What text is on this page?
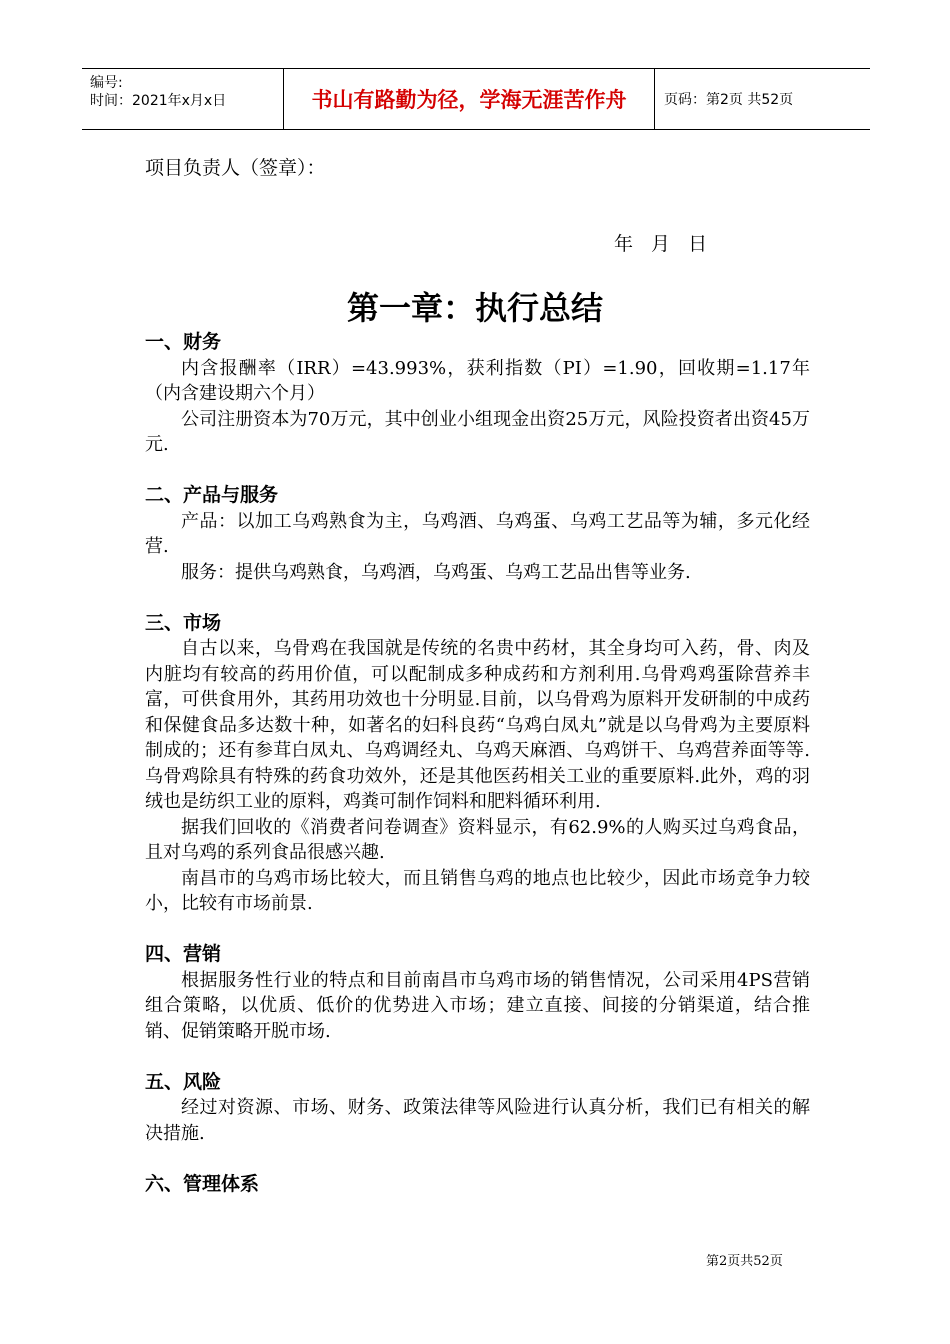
编号:
时间：2021年x月x日	书山有路勤为径，学海无涯苦作舟	页码：第2页 共52页
项目负责人（签章）：
年 月 日
第一章：执行总结
一、财务

内含报酬率（IRR）=43.993%，获利指数（PI）=1.90，回收期=1.17年（内含建设期六个月）

公司注册资本为70万元，其中创业小组现金出资25万元，风险投资者出资45万元.

二、产品与服务

产品：以加工乌鸡熟食为主，乌鸡酒、乌鸡蛋、乌鸡工艺品等为辅，多元化经营.

服务：提供乌鸡熟食，乌鸡酒，乌鸡蛋、乌鸡工艺品出售等业务.

三、市场

自古以来，乌骨鸡在我国就是传统的名贵中药材，其全身均可入药，骨、肉及内脏均有较高的药用价值，可以配制成多种成药和方剂利用.乌骨鸡鸡蛋除营养丰富，可供食用外，其药用功效也十分明显.目前，以乌骨鸡为原料开发研制的中成药和保健食品多达数十种，如著名的妇科良药“乌鸡白凤丸”就是以乌骨鸡为主要原料制成的；还有参茸白凤丸、乌鸡调经丸、乌鸡天麻酒、乌鸡饼干、乌鸡营养面等等.乌骨鸡除具有特殊的药食功效外，还是其他医药相关工业的重要原料.此外，鸡的羽绒也是纺织工业的原料，鸡粪可制作饲料和肥料循环利用.

据我们回收的《消费者问卷调查》资料显示，有62.9%的人购买过乌鸡食品，且对乌鸡的系列食品很感兴趣.

南昌市的乌鸡市场比较大，而且销售乌鸡的地点也比较少，因此市场竞争力较小，比较有市场前景.

四、营销

根据服务性行业的特点和目前南昌市乌鸡市场的销售情况，公司采用4PS营销组合策略，以优质、低价的优势进入市场；建立直接、间接的分销渠道，结合推销、促销策略开脱市场.

五、风险

经过对资源、市场、财务、政策法律等风险进行认真分析，我们已有相关的解决措施.

六、管理体系
第2页共52页
